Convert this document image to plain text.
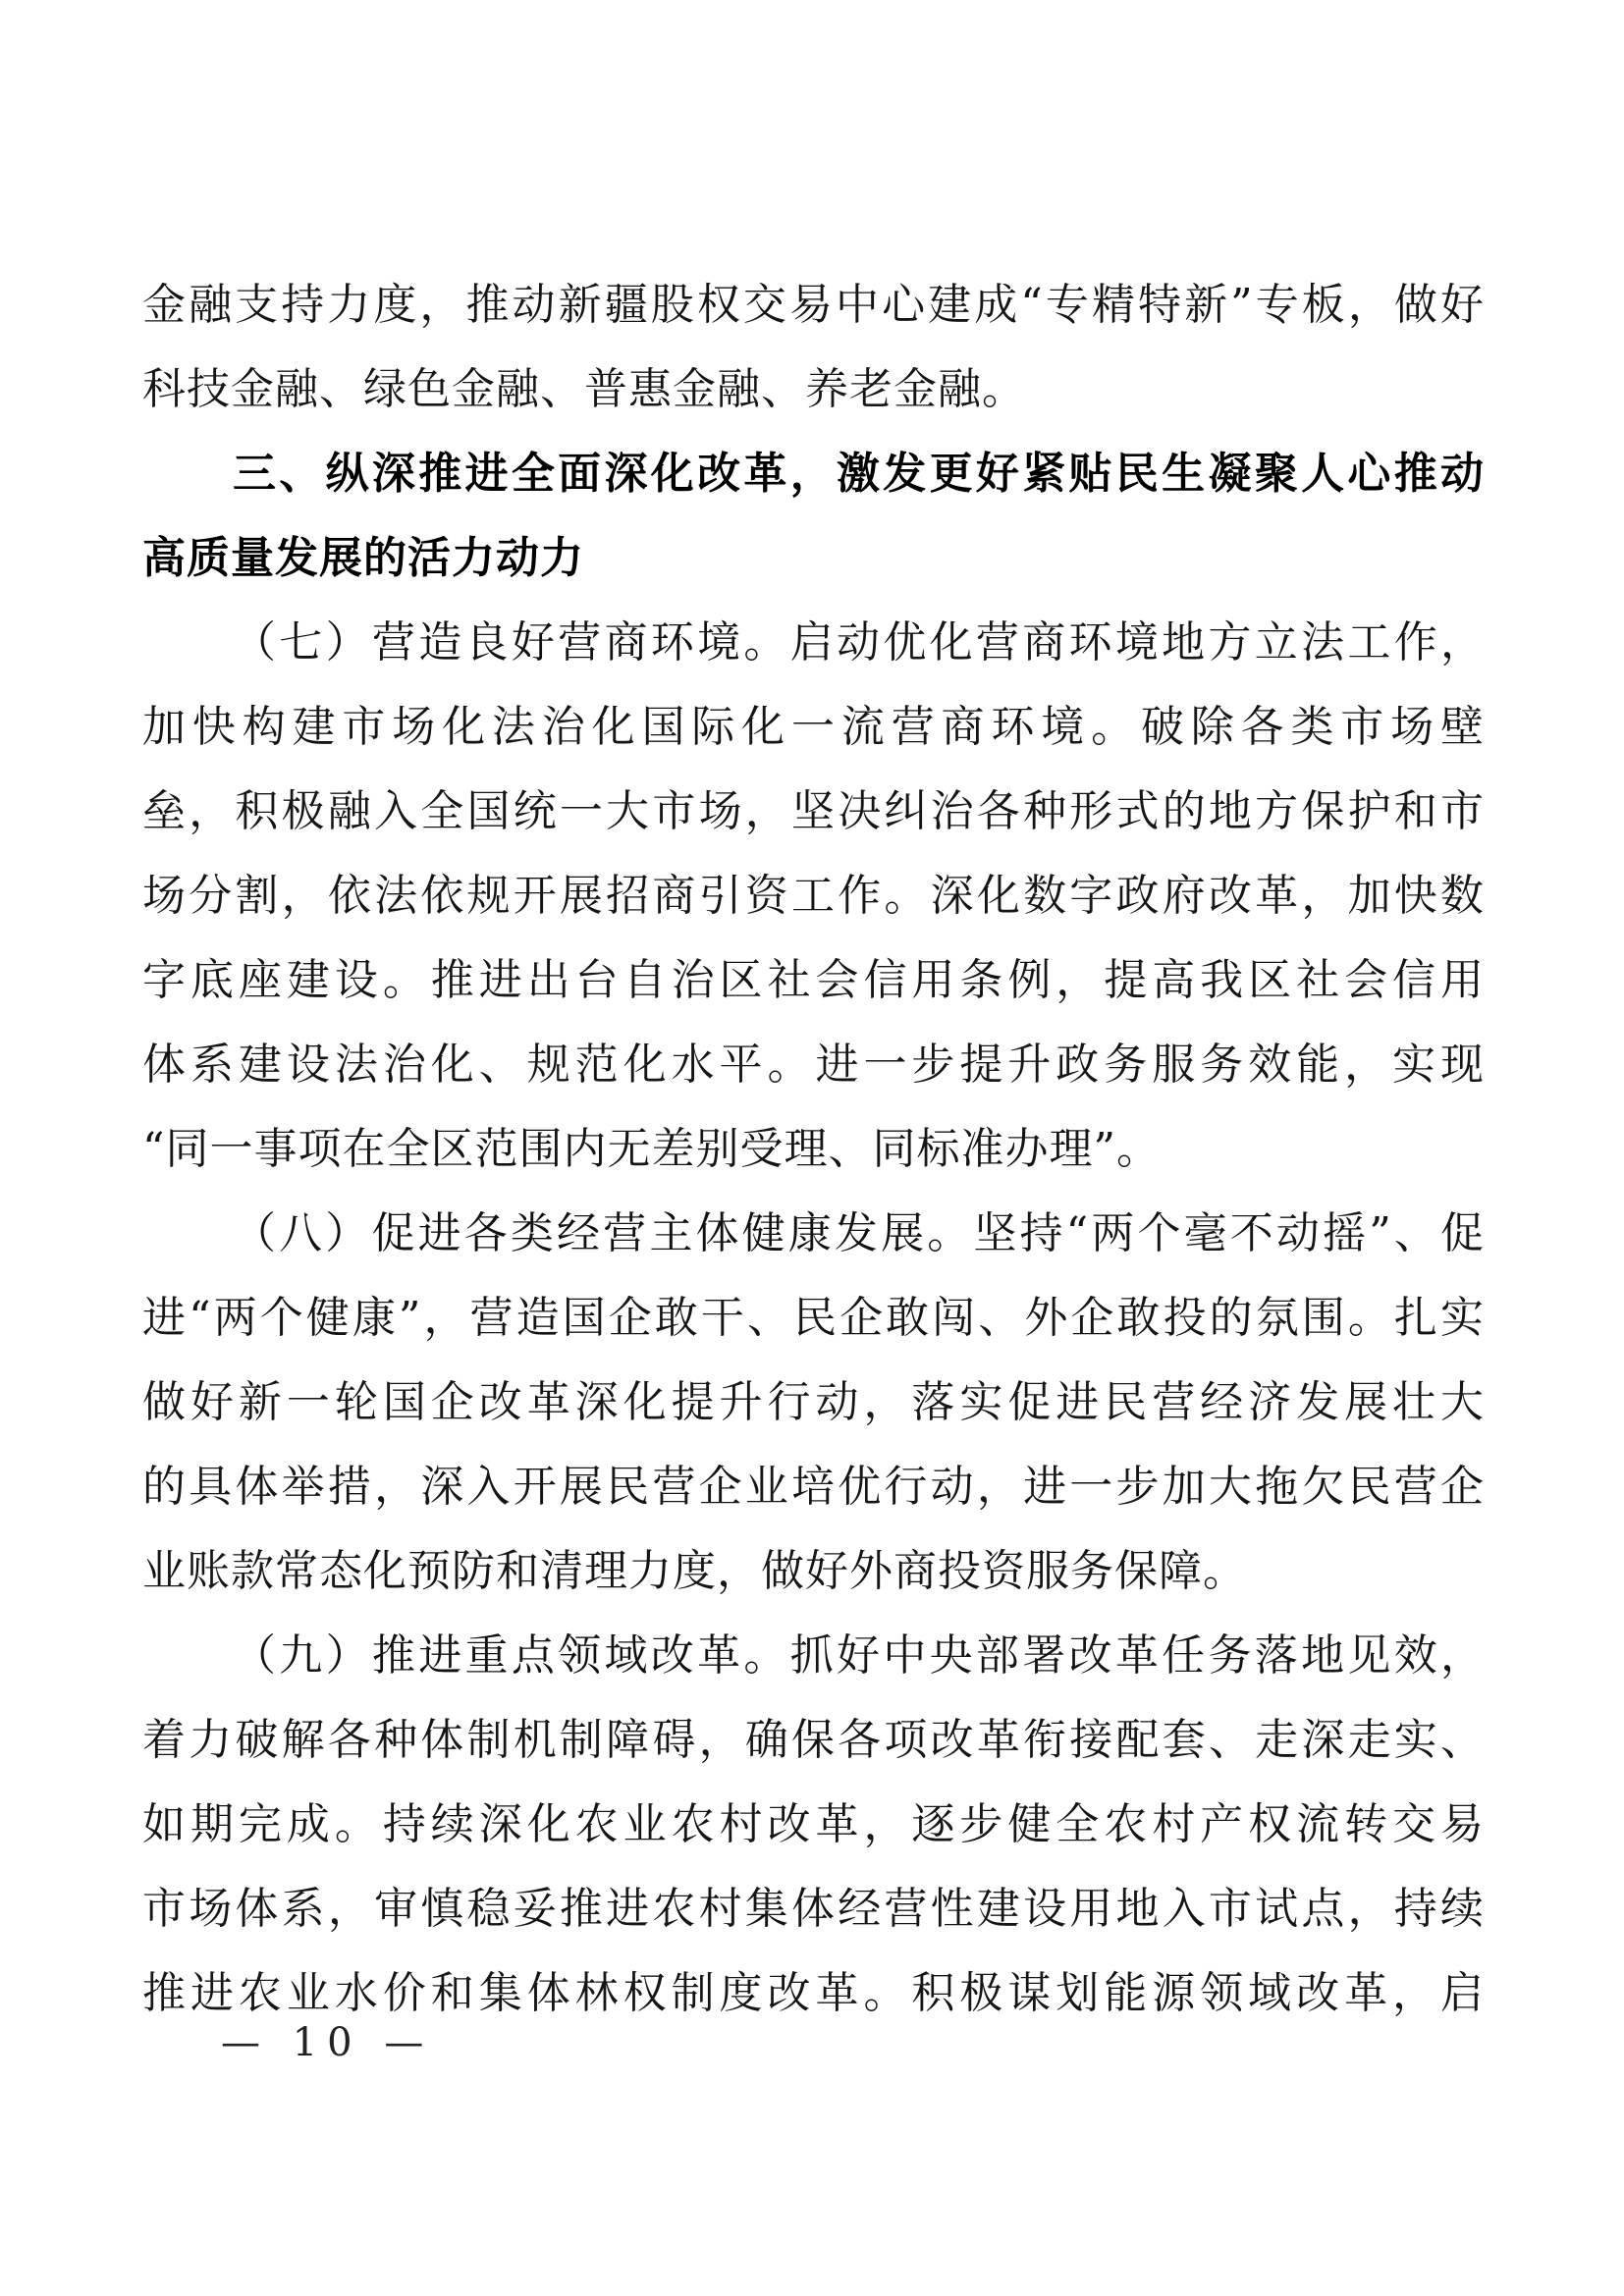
金融支持力度，推动新疆股权交易中心建成“专精特新”专板，做好
科技金融、绿色金融、普惠金融、养老金融。
三、纵深推进全面深化改革，激发更好紧贴民生凝聚人心推动
高质量发展的活力动力
（七）营造良好营商环境。启动优化营商环境地方立法工作，
加快构建市场化法治化国际化一流营商环境。破除各类市场壁
垒，积极融入全国统一大市场，坚决纠治各种形式的地方保护和市
场分割，依法依规开展招商引资工作。深化数字政府改革，加快数
字底座建设。推进出台自治区社会信用条例，提高我区社会信用
体系建设法治化、规范化水平。进一步提升政务服务效能，实现
“同一事项在全区范围内无差别受理、同标准办理”。
（八）促进各类经营主体健康发展。坚持“两个毫不动摇”、促
进“两个健康”，营造国企敢干、民企敢闯、外企敢投的氛围。扎实
做好新一轮国企改革深化提升行动，落实促进民营经济发展壮大
的具体举措，深入开展民营企业培优行动，进一步加大拖欠民营企
业账款常态化预防和清理力度，做好外商投资服务保障。
（九）推进重点领域改革。抓好中央部署改革任务落地见效，
着力破解各种体制机制障碍，确保各项改革衔接配套、走深走实、
如期完成。持续深化农业农村改革，逐步健全农村产权流转交易
市场体系，审慎稳妥推进农村集体经营性建设用地入市试点，持续
推进农业水价和集体林权制度改革。积极谋划能源领域改革，启
— 10 —
